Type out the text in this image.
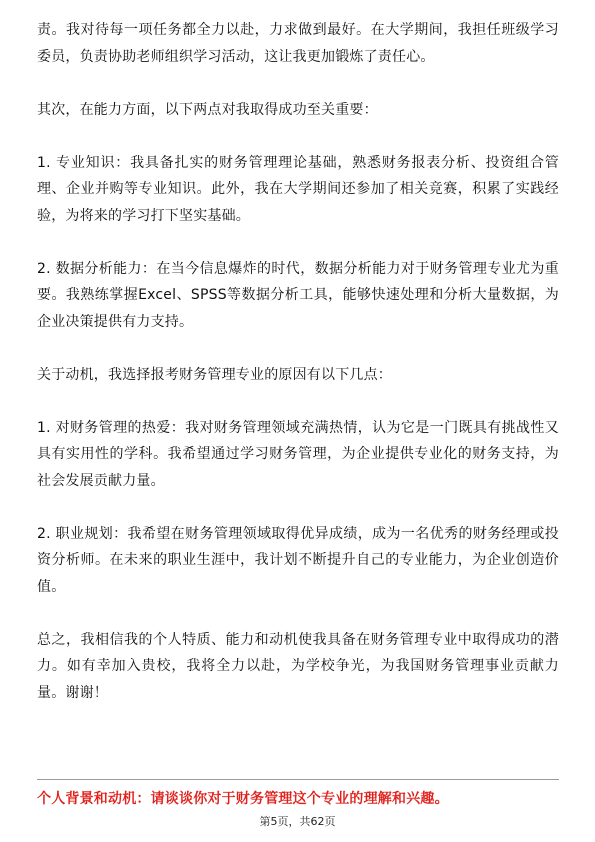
责。我对待每一项任务都全力以赴，力求做到最好。在大学期间，我担任班级学习委员，负责协助老师组织学习活动，这让我更加锻炼了责任心。

其次，在能力方面，以下两点对我取得成功至关重要：

1. 专业知识：我具备扎实的财务管理理论基础，熟悉财务报表分析、投资组合管理、企业并购等专业知识。此外，我在大学期间还参加了相关竞赛，积累了实践经验，为将来的学习打下坚实基础。

2. 数据分析能力：在当今信息爆炸的时代，数据分析能力对于财务管理专业尤为重要。我熟练掌握Excel、SPSS等数据分析工具，能够快速处理和分析大量数据，为企业决策提供有力支持。

关于动机，我选择报考财务管理专业的原因有以下几点：

1. 对财务管理的热爱：我对财务管理领域充满热情，认为它是一门既具有挑战性又具有实用性的学科。我希望通过学习财务管理，为企业提供专业化的财务支持，为社会发展贡献力量。

2. 职业规划：我希望在财务管理领域取得优异成绩，成为一名优秀的财务经理或投资分析师。在未来的职业生涯中，我计划不断提升自己的专业能力，为企业创造价值。

总之，我相信我的个人特质、能力和动机使我具备在财务管理专业中取得成功的潜力。如有幸加入贵校，我将全力以赴，为学校争光，为我国财务管理事业贡献力量。谢谢！

个人背景和动机：请谈谈你对于财务管理这个专业的理解和兴趣。
第5页，共62页
